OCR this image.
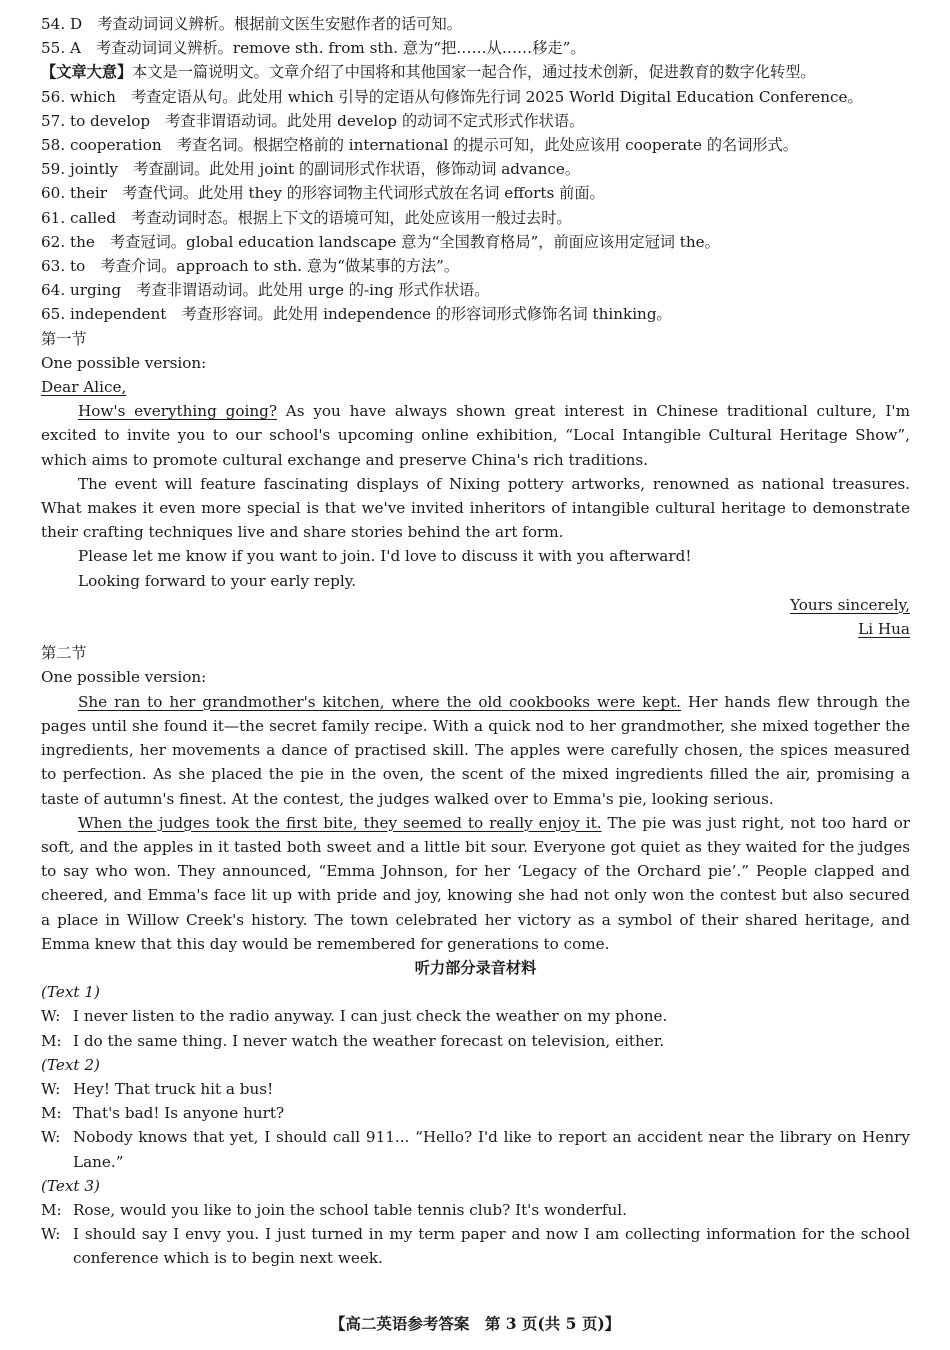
54. D　考查动词词义辨析。根据前文医生安慰作者的话可知。
55. A　考查动词词义辨析。remove sth. from sth. 意为“把……从……移走”。
【文章大意】本文是一篇说明文。文章介绍了中国将和其他国家一起合作，通过技术创新，促进教育的数字化转型。
56. which　考查定语从句。此处用 which 引导的定语从句修饰先行词 2025 World Digital Education Conference。
57. to develop　考查非谓语动词。此处用 develop 的动词不定式形式作状语。
58. cooperation　考查名词。根据空格前的 international 的提示可知，此处应该用 cooperate 的名词形式。
59. jointly　考查副词。此处用 joint 的副词形式作状语，修饰动词 advance。
60. their　考查代词。此处用 they 的形容词物主代词形式放在名词 efforts 前面。
61. called　考查动词时态。根据上下文的语境可知，此处应该用一般过去时。
62. the　考查冠词。global education landscape 意为“全国教育格局”，前面应该用定冠词 the。
63. to　考查介词。approach to sth. 意为“做某事的方法”。
64. urging　考查非谓语动词。此处用 urge 的-ing 形式作状语。
65. independent　考查形容词。此处用 independence 的形容词形式修饰名词 thinking。
第一节
One possible version:
Dear Alice,
How's everything going? As you have always shown great interest in Chinese traditional culture, I'm excited to invite you to our school's upcoming online exhibition, “Local Intangible Cultural Heritage Show”, which aims to promote cultural exchange and preserve China's rich traditions.
The event will feature fascinating displays of Nixing pottery artworks, renowned as national treasures. What makes it even more special is that we've invited inheritors of intangible cultural heritage to demonstrate their crafting techniques live and share stories behind the art form.
Please let me know if you want to join. I'd love to discuss it with you afterward!
Looking forward to your early reply.
Yours sincerely,
Li Hua
第二节
One possible version:
She ran to her grandmother's kitchen, where the old cookbooks were kept. Her hands flew through the pages until she found it—the secret family recipe. With a quick nod to her grandmother, she mixed together the ingredients, her movements a dance of practised skill. The apples were carefully chosen, the spices measured to perfection. As she placed the pie in the oven, the scent of the mixed ingredients filled the air, promising a taste of autumn's finest. At the contest, the judges walked over to Emma's pie, looking serious.
When the judges took the first bite, they seemed to really enjoy it. The pie was just right, not too hard or soft, and the apples in it tasted both sweet and a little bit sour. Everyone got quiet as they waited for the judges to say who won. They announced, “Emma Johnson, for her ‘Legacy of the Orchard pie’.” People clapped and cheered, and Emma's face lit up with pride and joy, knowing she had not only won the contest but also secured a place in Willow Creek's history. The town celebrated her victory as a symbol of their shared heritage, and Emma knew that this day would be remembered for generations to come.
听力部分录音材料
(Text 1)
W: I never listen to the radio anyway. I can just check the weather on my phone.
M: I do the same thing. I never watch the weather forecast on television, either.
(Text 2)
W: Hey! That truck hit a bus!
M: That's bad! Is anyone hurt?
W: Nobody knows that yet, I should call 911... “Hello? I'd like to report an accident near the library on Henry Lane.”
(Text 3)
M: Rose, would you like to join the school table tennis club? It's wonderful.
W: I should say I envy you. I just turned in my term paper and now I am collecting information for the school conference which is to begin next week.
【高二英语参考答案　第 3 页(共 5 页)】
